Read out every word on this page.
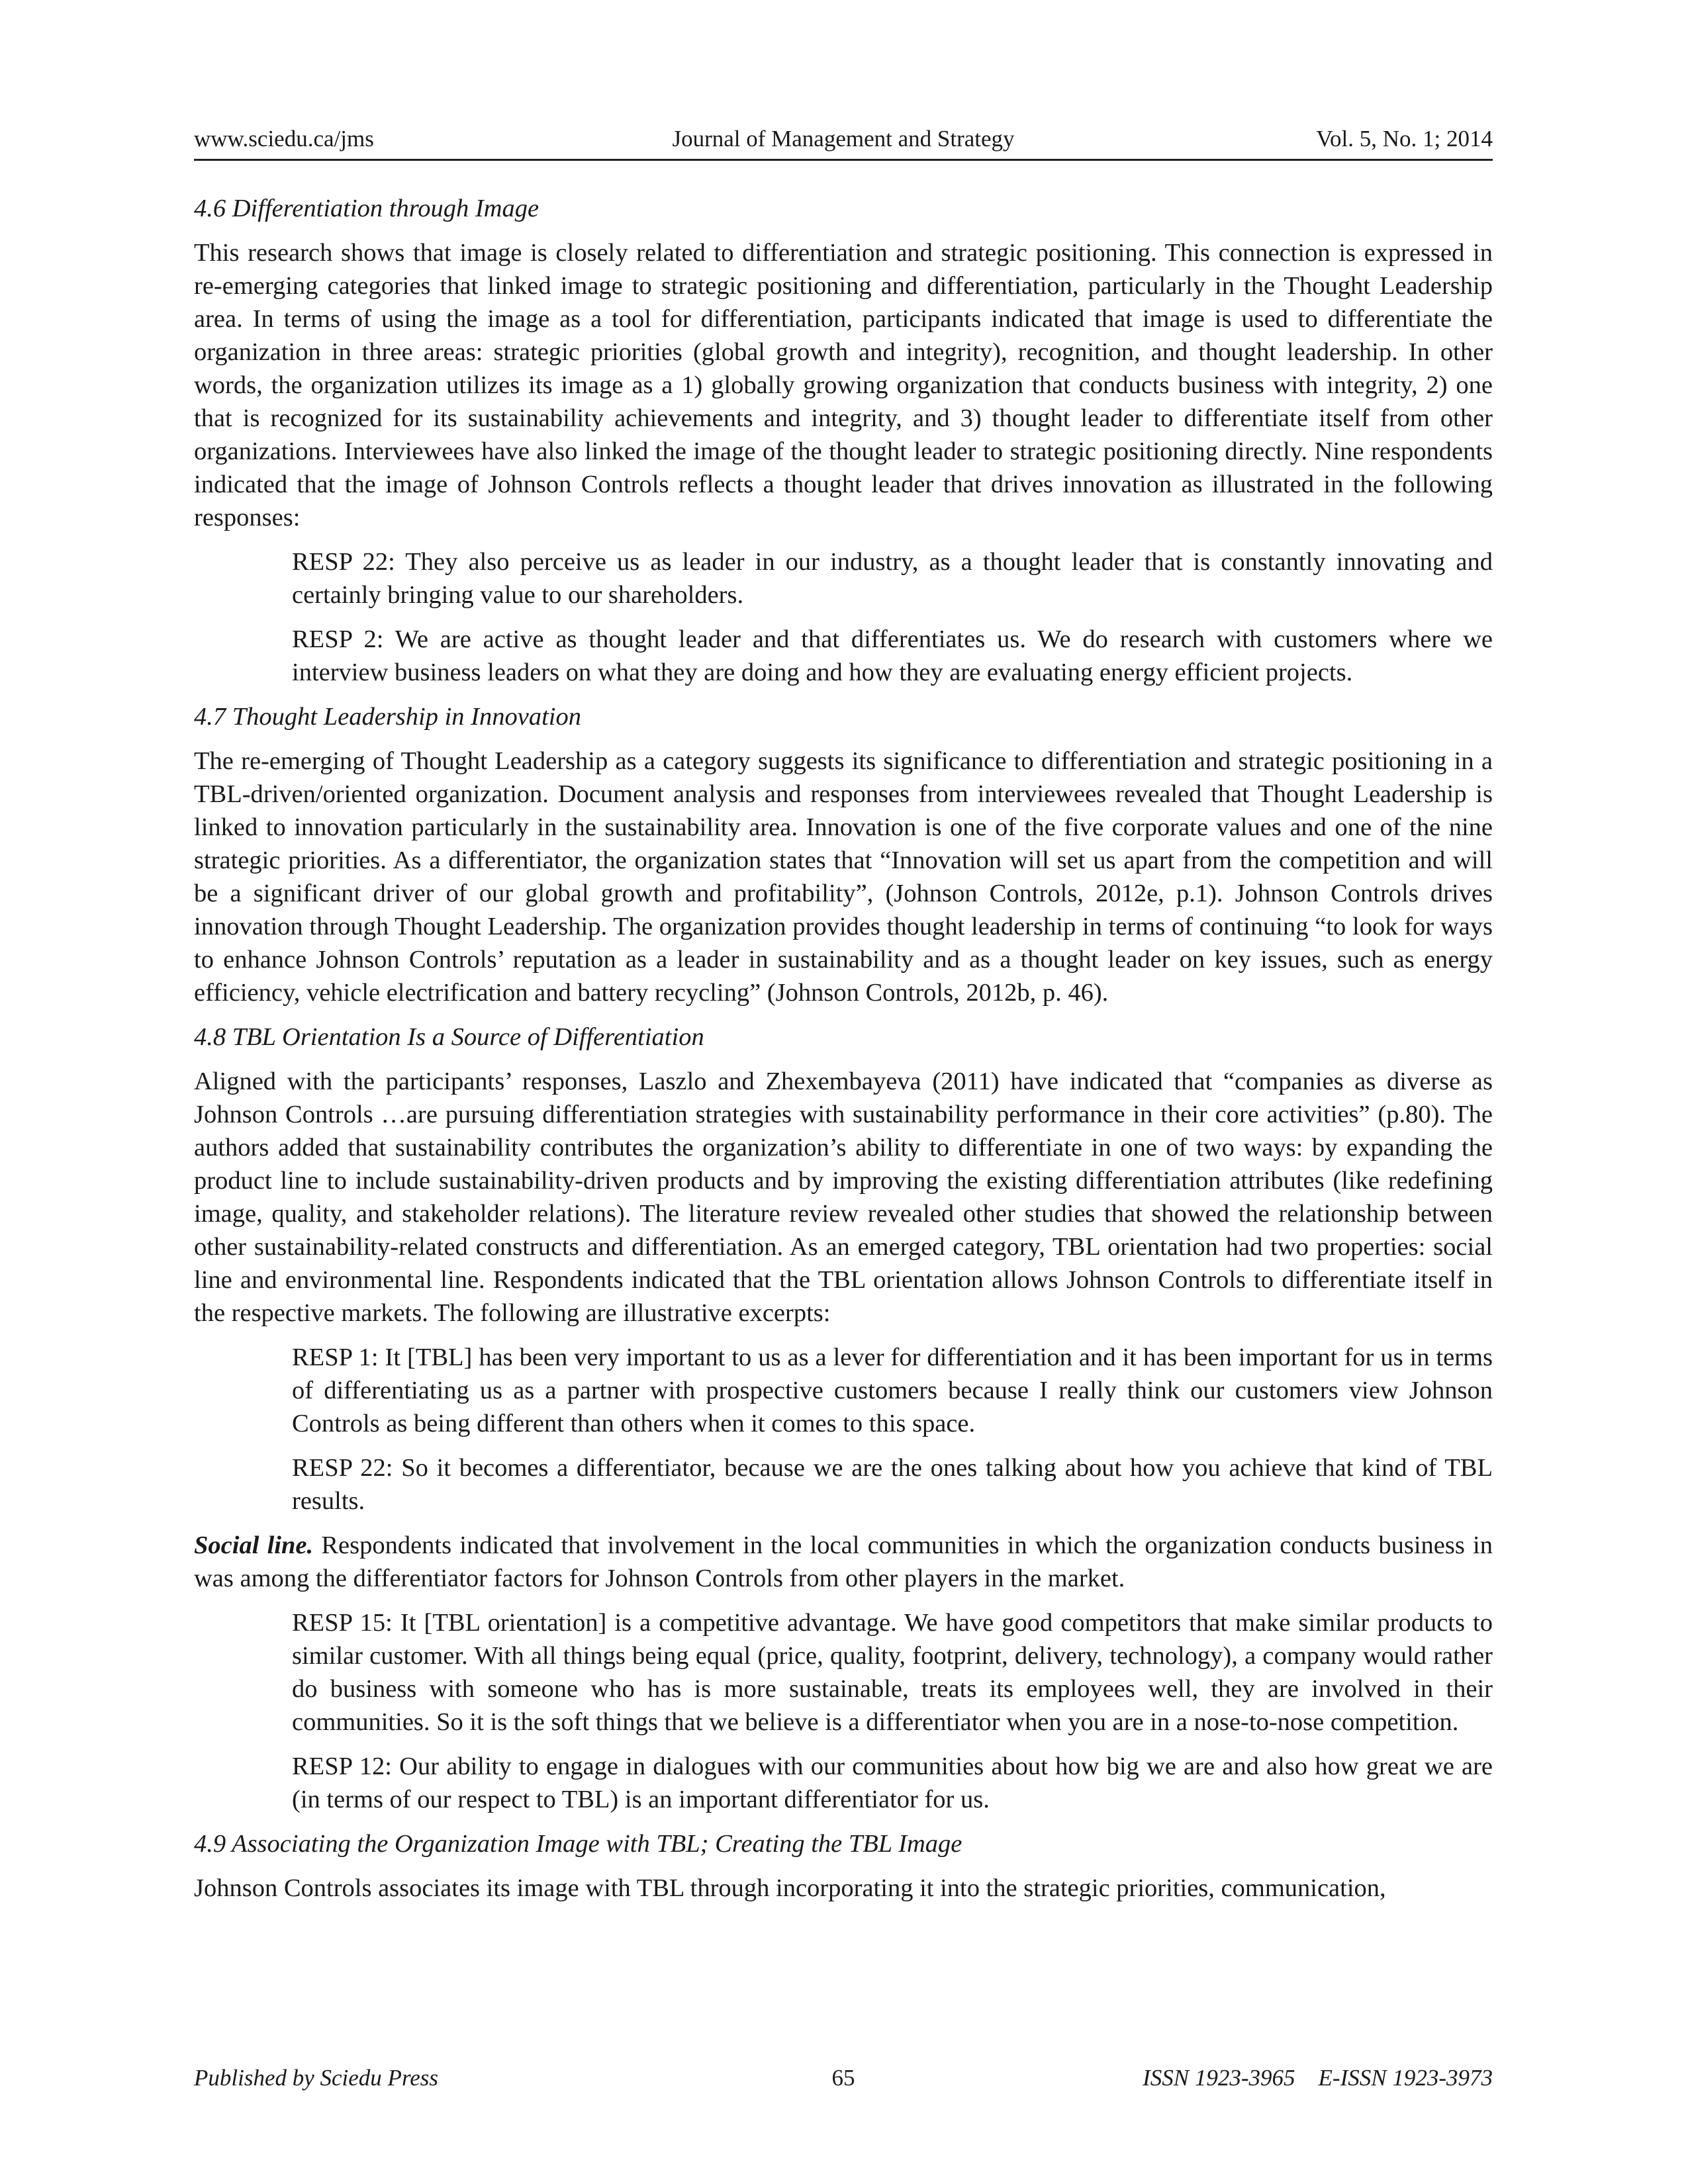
www.sciedu.ca/jms	Journal of Management and Strategy	Vol. 5, No. 1; 2014
4.6 Differentiation through Image

This research shows that image is closely related to differentiation and strategic positioning. This connection is expressed in re-emerging categories that linked image to strategic positioning and differentiation, particularly in the Thought Leadership area. In terms of using the image as a tool for differentiation, participants indicated that image is used to differentiate the organization in three areas: strategic priorities (global growth and integrity), recognition, and thought leadership. In other words, the organization utilizes its image as a 1) globally growing organization that conducts business with integrity, 2) one that is recognized for its sustainability achievements and integrity, and 3) thought leader to differentiate itself from other organizations. Interviewees have also linked the image of the thought leader to strategic positioning directly. Nine respondents indicated that the image of Johnson Controls reflects a thought leader that drives innovation as illustrated in the following responses:

RESP 22: They also perceive us as leader in our industry, as a thought leader that is constantly innovating and certainly bringing value to our shareholders.
RESP 2: We are active as thought leader and that differentiates us. We do research with customers where we interview business leaders on what they are doing and how they are evaluating energy efficient projects.
4.7 Thought Leadership in Innovation

The re-emerging of Thought Leadership as a category suggests its significance to differentiation and strategic positioning in a TBL-driven/oriented organization. Document analysis and responses from interviewees revealed that Thought Leadership is linked to innovation particularly in the sustainability area. Innovation is one of the five corporate values and one of the nine strategic priorities. As a differentiator, the organization states that “Innovation will set us apart from the competition and will be a significant driver of our global growth and profitability”, (Johnson Controls, 2012e, p.1). Johnson Controls drives innovation through Thought Leadership. The organization provides thought leadership in terms of continuing “to look for ways to enhance Johnson Controls’ reputation as a leader in sustainability and as a thought leader on key issues, such as energy efficiency, vehicle electrification and battery recycling” (Johnson Controls, 2012b, p. 46).

4.8 TBL Orientation Is a Source of Differentiation

Aligned with the participants’ responses, Laszlo and Zhexembayeva (2011) have indicated that “companies as diverse as Johnson Controls …are pursuing differentiation strategies with sustainability performance in their core activities” (p.80). The authors added that sustainability contributes the organization’s ability to differentiate in one of two ways: by expanding the product line to include sustainability-driven products and by improving the existing differentiation attributes (like redefining image, quality, and stakeholder relations). The literature review revealed other studies that showed the relationship between other sustainability-related constructs and differentiation. As an emerged category, TBL orientation had two properties: social line and environmental line. Respondents indicated that the TBL orientation allows Johnson Controls to differentiate itself in the respective markets. The following are illustrative excerpts:

RESP 1: It [TBL] has been very important to us as a lever for differentiation and it has been important for us in terms of differentiating us as a partner with prospective customers because I really think our customers view Johnson Controls as being different than others when it comes to this space.
RESP 22: So it becomes a differentiator, because we are the ones talking about how you achieve that kind of TBL results.

Social line. Respondents indicated that involvement in the local communities in which the organization conducts business in was among the differentiator factors for Johnson Controls from other players in the market.

RESP 15: It [TBL orientation] is a competitive advantage. We have good competitors that make similar products to similar customer. With all things being equal (price, quality, footprint, delivery, technology), a company would rather do business with someone who has is more sustainable, treats its employees well, they are involved in their communities. So it is the soft things that we believe is a differentiator when you are in a nose-to-nose competition.
RESP 12: Our ability to engage in dialogues with our communities about how big we are and also how great we are (in terms of our respect to TBL) is an important differentiator for us.
4.9 Associating the Organization Image with TBL; Creating the TBL Image

Johnson Controls associates its image with TBL through incorporating it into the strategic priorities, communication,

Published by Sciedu Press	65	ISSN 1923-3965    E-ISSN 1923-3973
